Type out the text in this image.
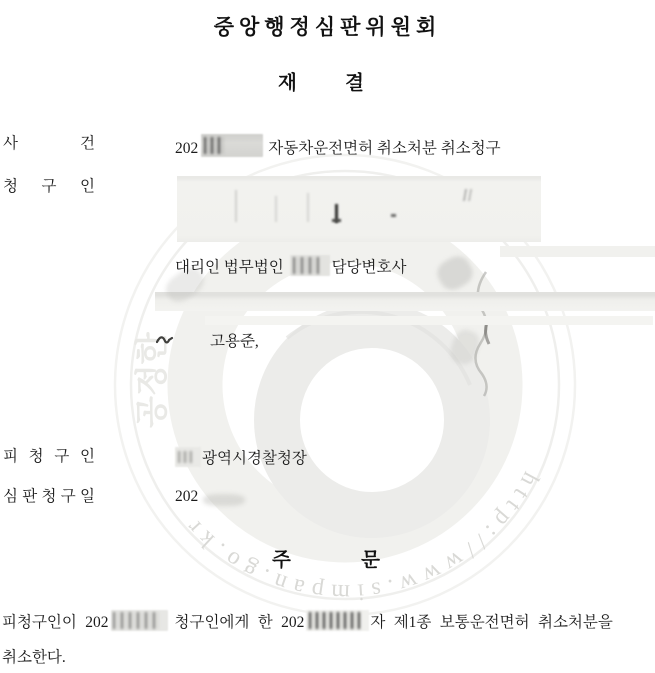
http://www.simpan.go.kr
공정한
중앙행정심판위원회
재 결
사 건	202	자동차운전면허 취소처분 취소청구
청 구 인
대리인 법무법인	담당변호사
고용준,
피 청 구 인	광역시경찰청장
심 판 청 구 일	202
주 문
피청구인이 202	청구인에게 한 202	자 제1종 보통운전면허 취소처분을
취소한다.
